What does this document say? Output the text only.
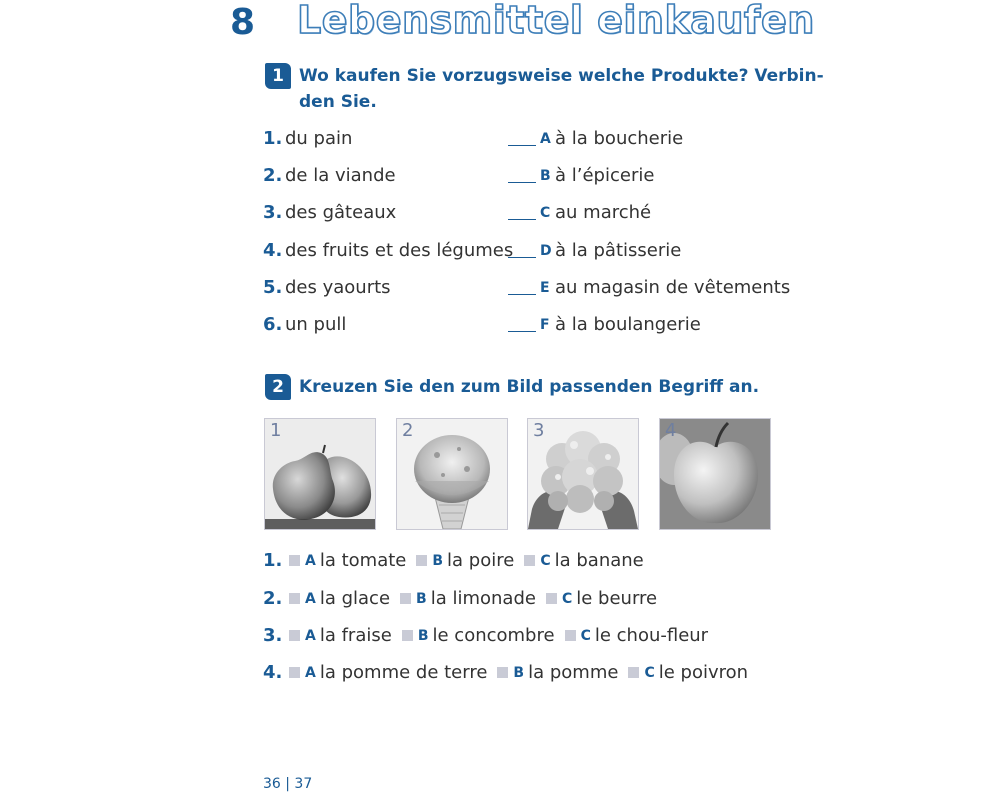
8 Lebensmittel einkaufen
1 Wo kaufen Sie vorzugsweise welche Produkte? Verbin-
den Sie.
1. du pain	A à la boucherie
2. de la viande	B à l’épicerie
3. des gâteaux	C au marché
4. des fruits et des légumes D à la pâtisserie
5. des yaourts	E au magasin de vêtements
6. un pull	F à la boulangerie
2 Kreuzen Sie den zum Bild passenden Begriff an.
1	2	3	4
1.	A la tomate B la poire C la banane
2.	A la glace B la limonade C le beurre
3.	A la fraise B le concombre C le chou-fleur
4.	A la pomme de terre B la pomme C le poivron
36 | 37
